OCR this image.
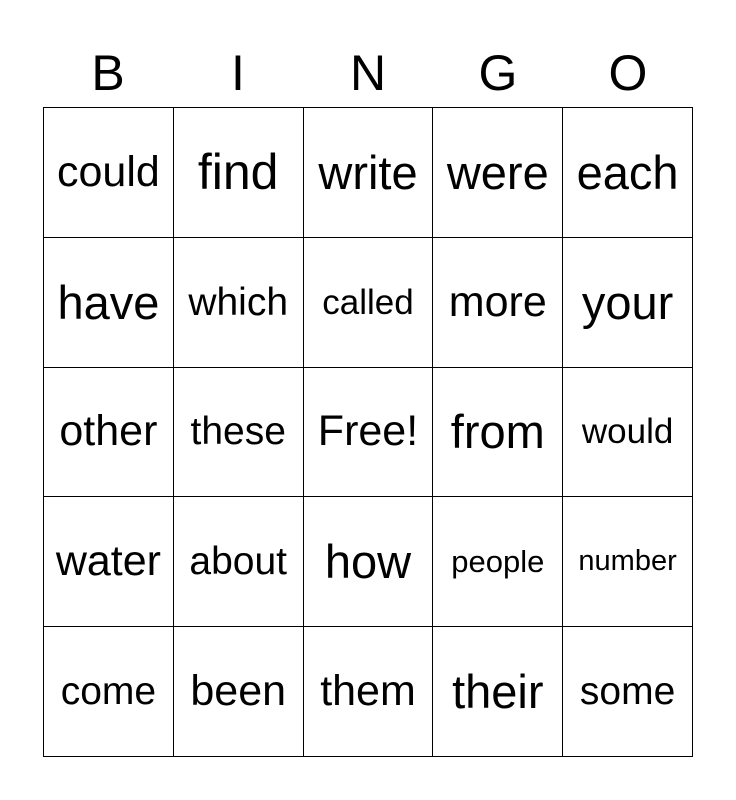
B	I	N	G	O
could find write were each
have which called more your
other these Free! from would
water about how people number
come been them their some
